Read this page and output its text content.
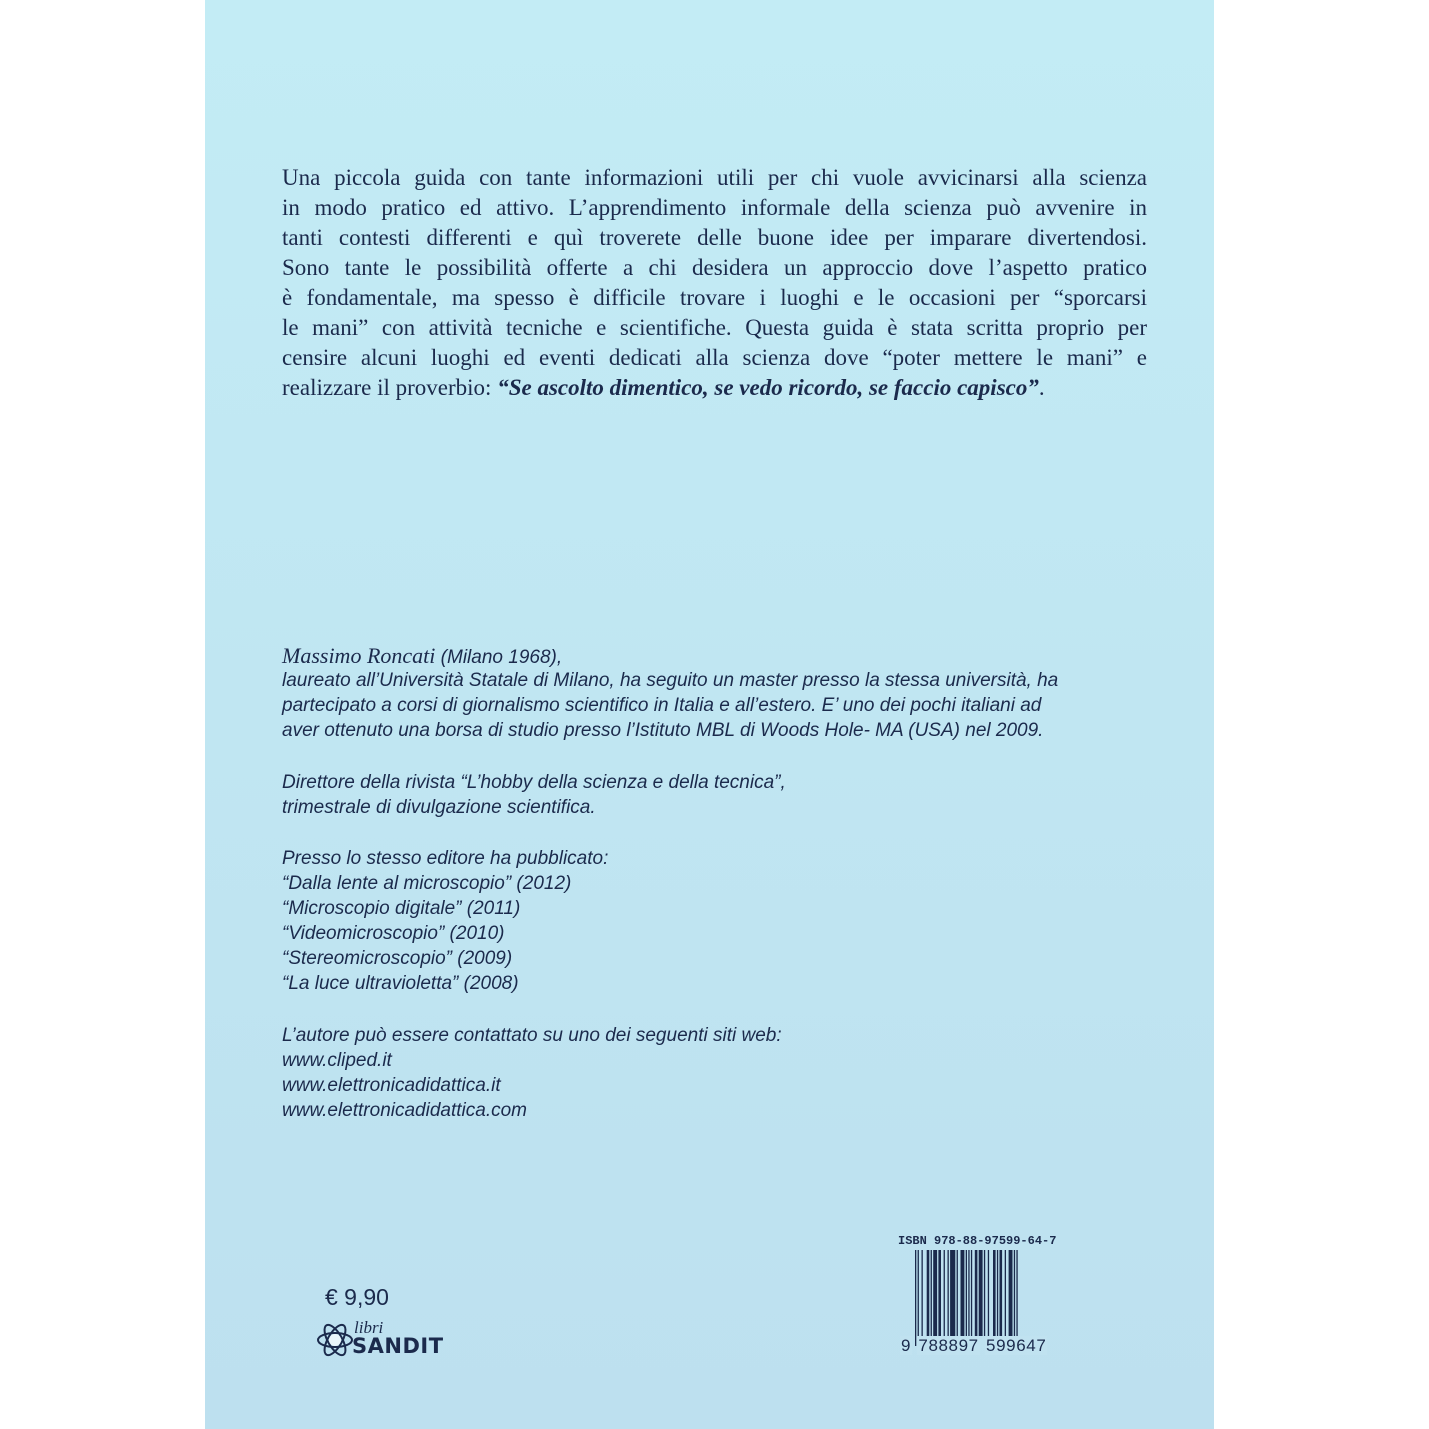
Una piccola guida con tante informazioni utili per chi vuole avvicinarsi alla scienza
in modo pratico ed attivo. L’apprendimento informale della scienza può avvenire in
tanti contesti differenti e quì troverete delle buone idee per imparare divertendosi.
Sono tante le possibilità offerte a chi desidera un approccio dove l’aspetto pratico
è fondamentale, ma spesso è difficile trovare i luoghi e le occasioni per “sporcarsi
le mani” con attività tecniche e scientifiche. Questa guida è stata scritta proprio per
censire alcuni luoghi ed eventi dedicati alla scienza dove “poter mettere le mani” e
realizzare il proverbio: “Se ascolto dimentico, se vedo ricordo, se faccio capisco”.
Massimo Roncati (Milano 1968),
laureato all’Università Statale di Milano, ha seguito un master presso la stessa università, ha
partecipato a corsi di giornalismo scientifico in Italia e all’estero. E’ uno dei pochi italiani ad
aver ottenuto una borsa di studio presso l’Istituto MBL di Woods Hole- MA (USA) nel 2009.
Direttore della rivista “L’hobby della scienza e della tecnica”,
trimestrale di divulgazione scientifica.
Presso lo stesso editore ha pubblicato:
“Dalla lente al microscopio” (2012)
“Microscopio digitale” (2011)
“Videomicroscopio” (2010)
“Stereomicroscopio” (2009)
“La luce ultravioletta” (2008)
L’autore può essere contattato su uno dei seguenti siti web:
www.cliped.it
www.elettronicadidattica.it
www.elettronicadidattica.com
€ 9,90
libri
SANDIT
ISBN 978-88-97599-64-7
9 788897 599647
